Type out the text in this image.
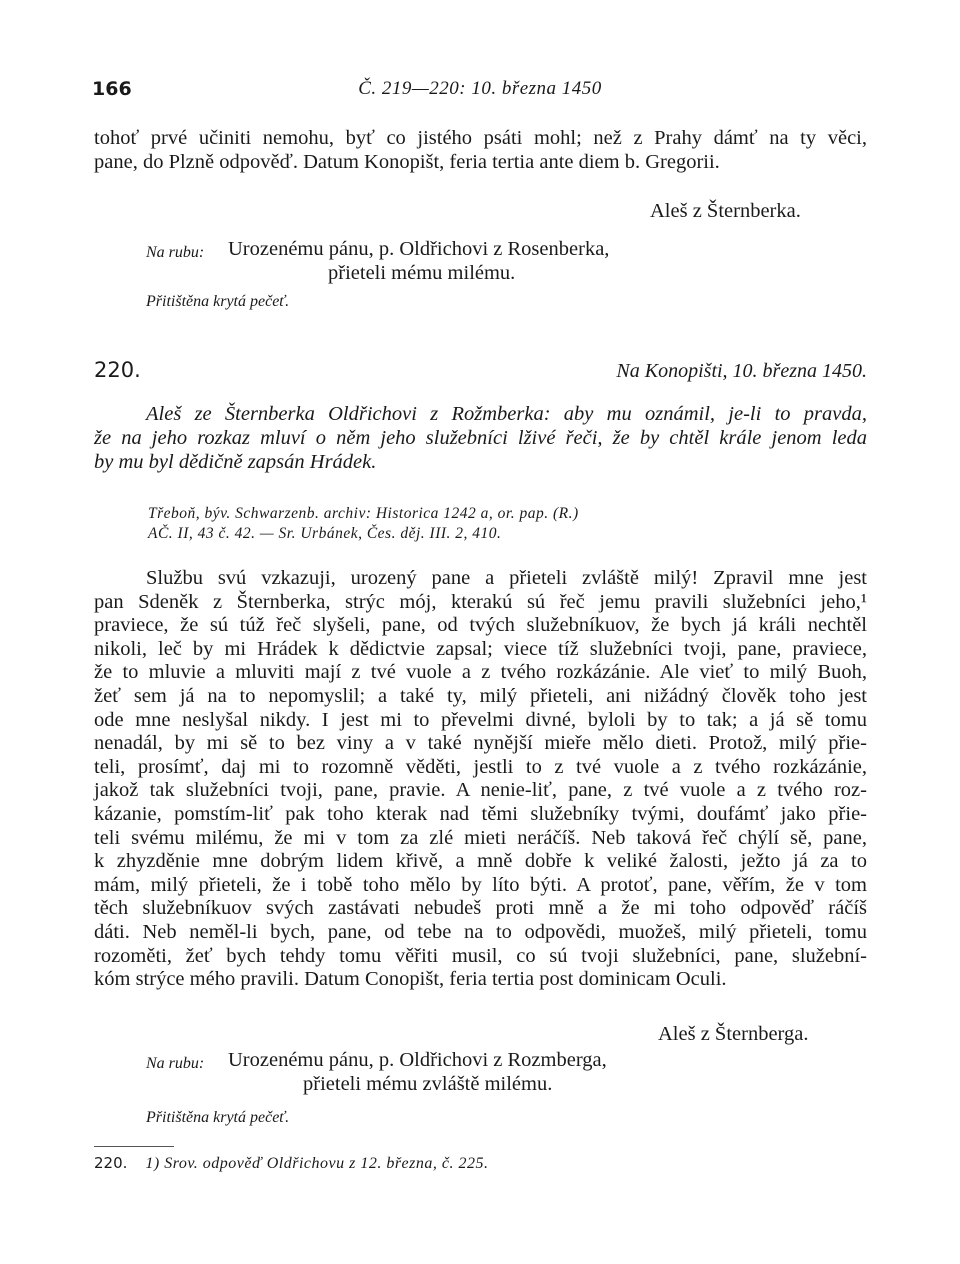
166	Č. 219—220: 10. března 1450
tohoť prvé učiniti nemohu, byť co jistého psáti mohl; než z Prahy dámť na ty věci,
pane, do Plzně odpověď. Datum Konopišt, feria tertia ante diem b. Gregorii.
Aleš z Šternberka.
Na rubu: Urozenému pánu, p. Oldřichovi z Rosenberka,
přieteli mému milému.
Přitištěna krytá pečeť.
220.	Na Konopišti, 10. března 1450.
Aleš ze Šternberka Oldřichovi z Rožmberka: aby mu oznámil, je-li to pravda,
že na jeho rozkaz mluví o něm jeho služebníci lživé řeči, že by chtěl krále jenom leda
by mu byl dědičně zapsán Hrádek.
Třeboň, býv. Schwarzenb. archiv: Historica 1242 a, or. pap. (R.)
AČ. II, 43 č. 42. — Sr. Urbánek, Čes. děj. III. 2, 410.
Službu svú vzkazuji, urozený pane a přieteli zvláště milý! Zpravil mne jest
pan Sdeněk z Šternberka, strýc mój, kterakú sú řeč jemu pravili služebníci jeho,¹
praviece, že sú túž řeč slyšeli, pane, od tvých služebníkuov, že bych já králi nechtěl
nikoli, leč by mi Hrádek k dědictvie zapsal; viece tíž služebníci tvoji, pane, praviece,
že to mluvie a mluviti mají z tvé vuole a z tvého rozkázánie. Ale vieť to milý Buoh,
žeť sem já na to nepomyslil; a také ty, milý přieteli, ani nižádný člověk toho jest
ode mne neslyšal nikdy. I jest mi to převelmi divné, byloli by to tak; a já sě tomu
nenadál, by mi sě to bez viny a v také nynější mieře mělo dieti. Protož, milý přie-
teli, prosímť, daj mi to rozomně věděti, jestli to z tvé vuole a z tvého rozkázánie,
jakož tak služebníci tvoji, pane, pravie. A nenie-liť, pane, z tvé vuole a z tvého roz-
kázanie, pomstím-liť pak toho kterak nad těmi služebníky tvými, doufámť jako přie-
teli svému milému, že mi v tom za zlé mieti neráčíš. Neb taková řeč chýlí sě, pane,
k zhyzděnie mne dobrým lidem křivě, a mně dobře k veliké žalosti, ježto já za to
mám, milý přieteli, že i tobě toho mělo by líto býti. A protoť, pane, věřím, že v tom
těch služebníkuov svých zastávati nebudeš proti mně a že mi toho odpověď ráčíš
dáti. Neb neměl-li bych, pane, od tebe na to odpovědi, muožeš, milý přieteli, tomu
rozoměti, žeť bych tehdy tomu věřiti musil, co sú tvoji služebníci, pane, služební-
kóm strýce mého pravili. Datum Conopišt, feria tertia post dominicam Oculi.
Aleš z Šternberga.
Na rubu: Urozenému pánu, p. Oldřichovi z Rozmberga,
přieteli mému zvláště milému.
Přitištěna krytá pečeť.
220. 1) Srov. odpověď Oldřichovu z 12. března, č. 225.
